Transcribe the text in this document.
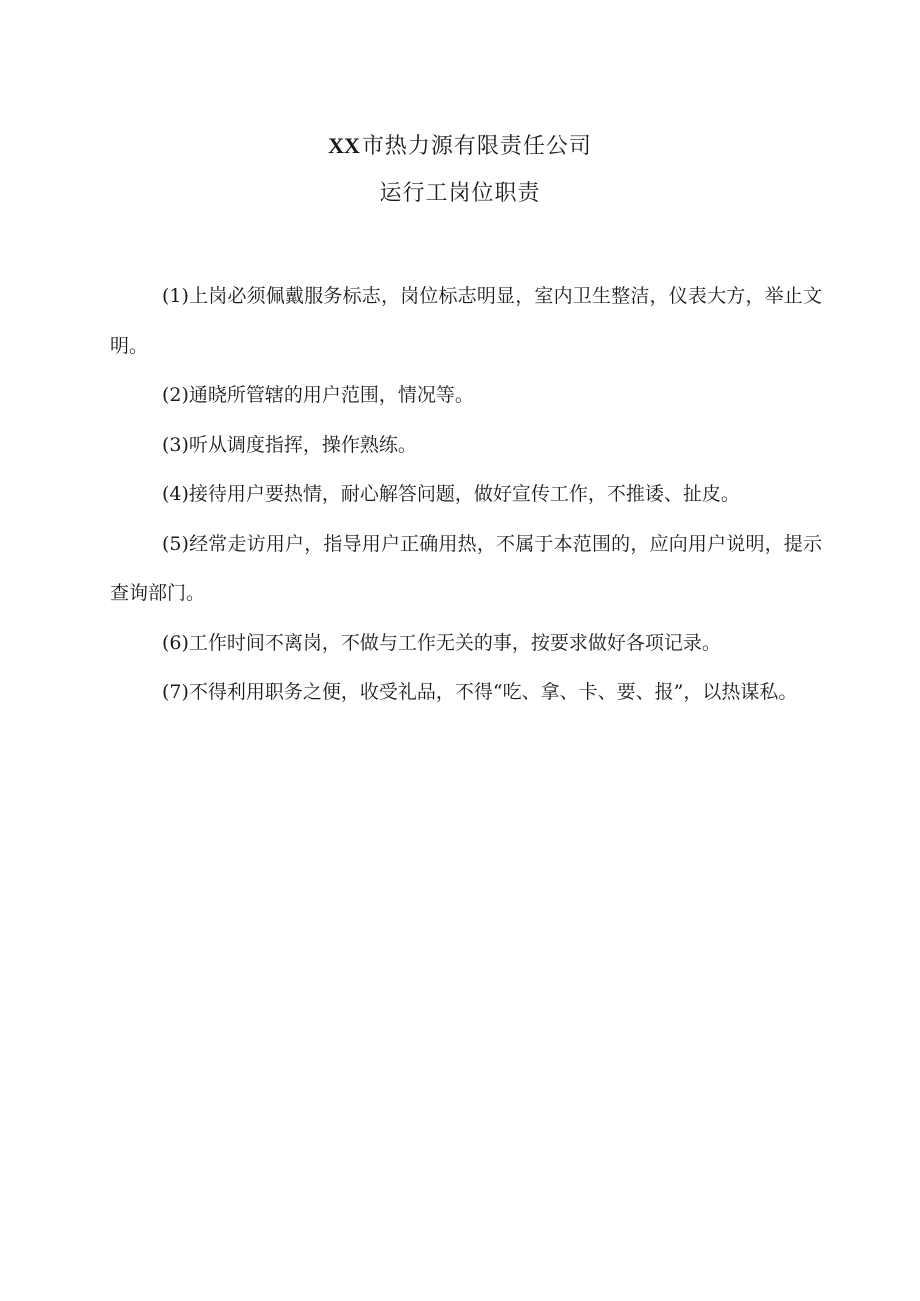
XX市热力源有限责任公司
运行工岗位职责

(1)上岗必须佩戴服务标志，岗位标志明显，室内卫生整洁，仪表大方，举止文明。

(2)通晓所管辖的用户范围，情况等。

(3)听从调度指挥，操作熟练。

(4)接待用户要热情，耐心解答问题，做好宣传工作，不推诿、扯皮。

(5)经常走访用户，指导用户正确用热，不属于本范围的，应向用户说明，提示查询部门。

(6)工作时间不离岗，不做与工作无关的事，按要求做好各项记录。

(7)不得利用职务之便，收受礼品，不得“吃、拿、卡、要、报”，以热谋私。
